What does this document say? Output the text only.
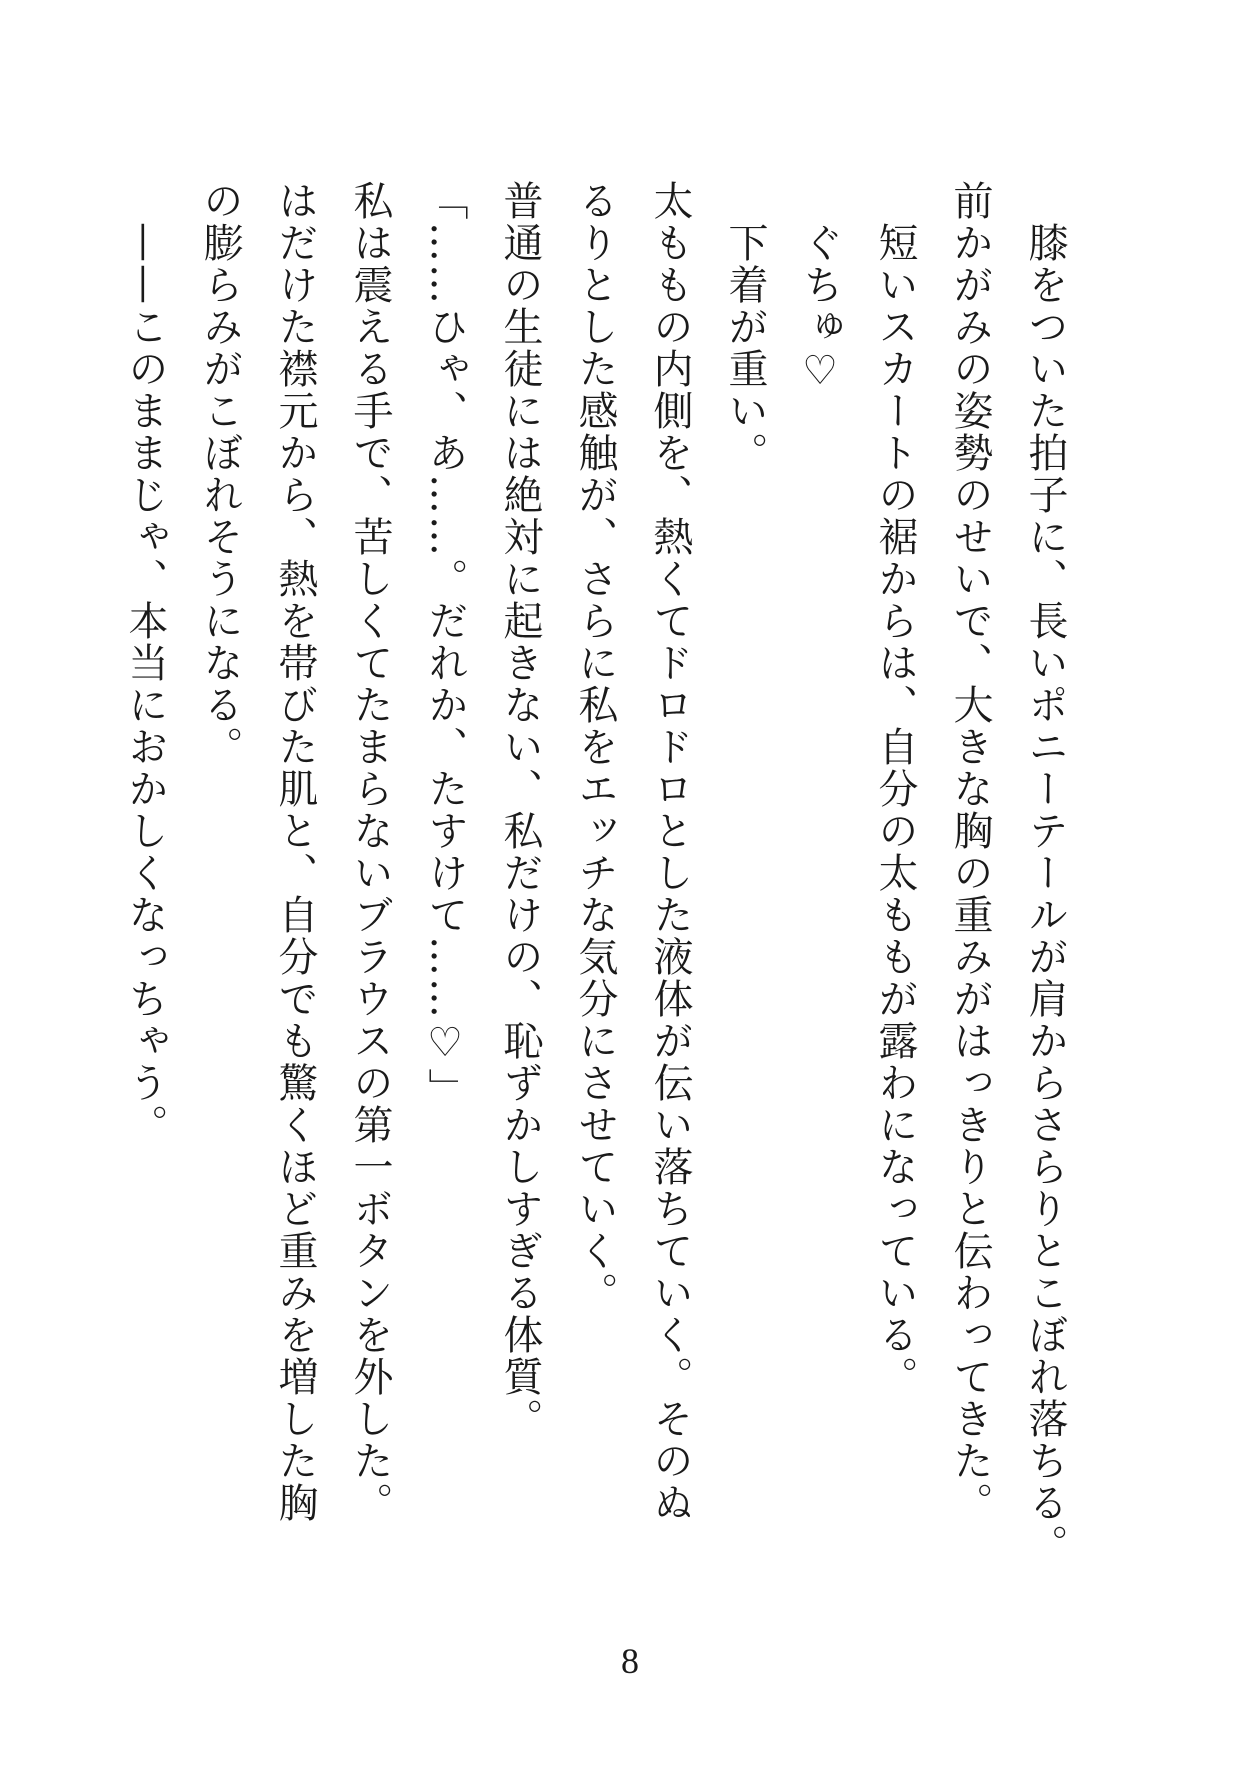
膝をついた拍子に、長いポニーテールが肩からさらりとこぼれ落ちる。

前かがみの姿勢のせいで、大きな胸の重みがはっきりと伝わってきた。

短いスカートの裾からは、自分の太ももが露わになっている。

ぐちゅ♡

下着が重い。

太ももの内側を、熱くてドロドロとした液体が伝い落ちていく。そのぬ

るりとした感触が、さらに私をエッチな気分にさせていく。

普通の生徒には絶対に起きない、私だけの、恥ずかしすぎる体質。

「……ひゃ、あ……。だれか、たすけて……♡」

私は震える手で、苦しくてたまらないブラウスの第一ボタンを外した。

はだけた襟元から、熱を帯びた肌と、自分でも驚くほど重みを増した胸

の膨らみがこぼれそうになる。

——このままじゃ、本当におかしくなっちゃう。

8
